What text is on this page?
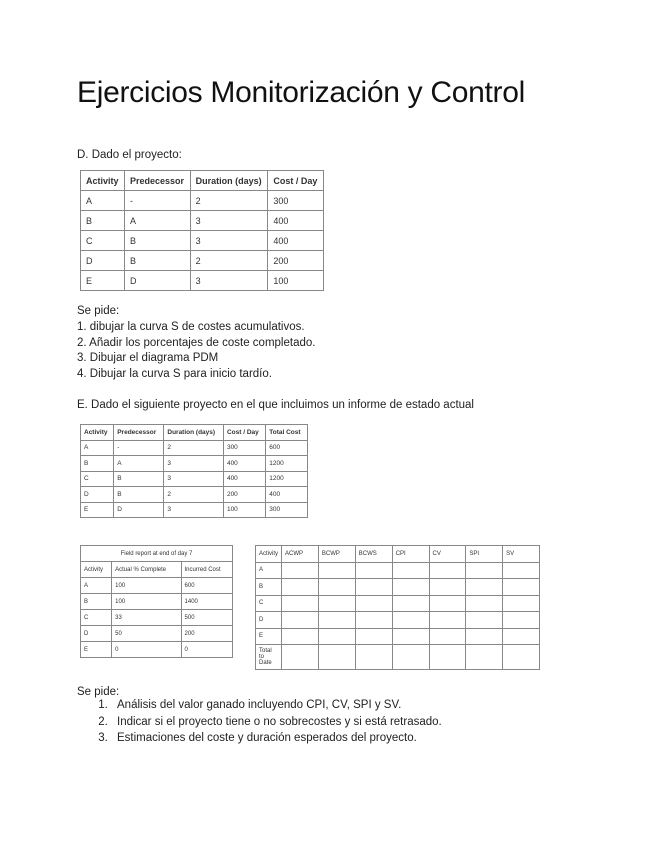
Ejercicios Monitorización y Control
D. Dado el proyecto:
Activity	Predecessor	Duration (days)	Cost / Day
A	-	2	300
B	A	3	400
C	B	3	400
D	B	2	200
E	D	3	100
Se pide:
1. dibujar la curva S de costes acumulativos.
2. Añadir los porcentajes de coste completado.
3. Dibujar el diagrama PDM
4. Dibujar la curva S para inicio tardío.
E. Dado el siguiente proyecto en el que incluimos un informe de estado actual
Activity	Predecessor	Duration (days)	Cost / Day	Total Cost
A	-	2	300	600
B	A	3	400	1200
C	B	3	400	1200
D	B	2	200	400
E	D	3	100	300
Field report at end of day 7		
Activity	Actual % Complete	Incurred Cost
A	100	600
B	100	1400
C	33	500
D	50	200
E	0	0
Activity	ACWP	BCWP	BCWS	CPI	CV	SPI	SV
A							
B							
C							
D							
E							
Total to Date							
Se pide:
1. Análisis del valor ganado incluyendo CPI, CV, SPI y SV.
2. Indicar si el proyecto tiene o no sobrecostes y si está retrasado.
3. Estimaciones del coste y duración esperados del proyecto.
